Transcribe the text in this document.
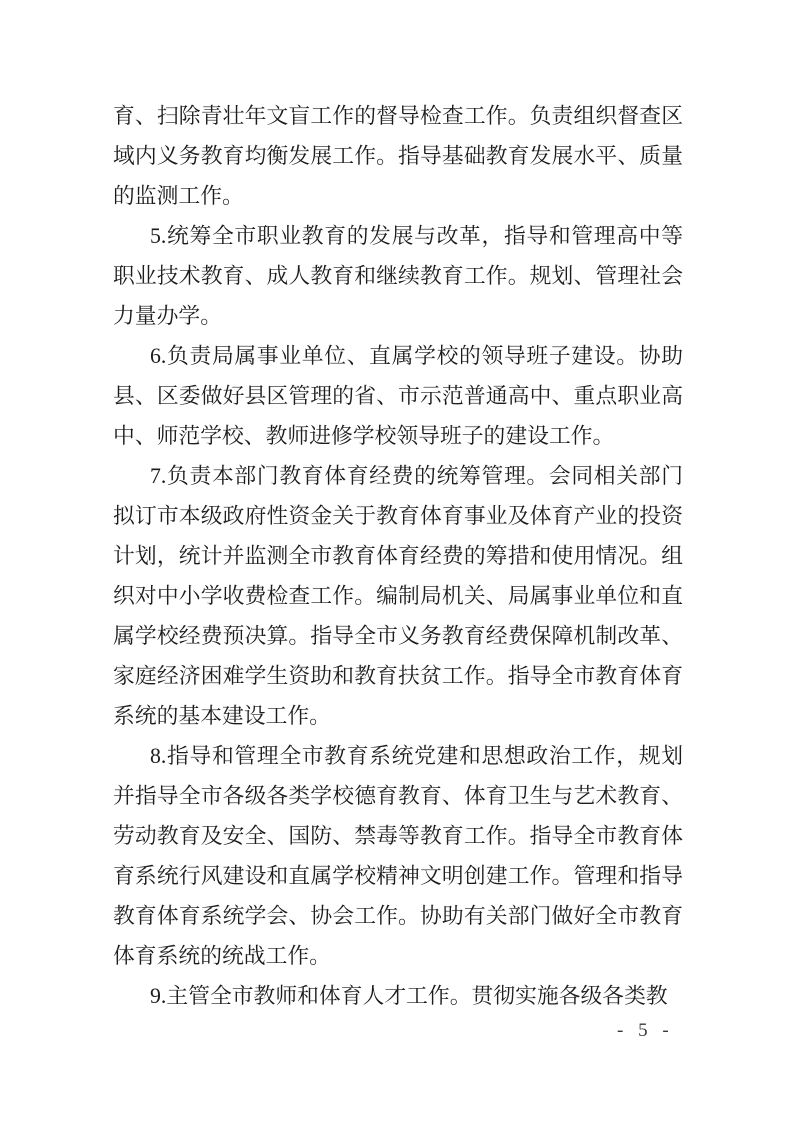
育、扫除青壮年文盲工作的督导检查工作。负责组织督查区域内义务教育均衡发展工作。指导基础教育发展水平、质量的监测工作。

5.统筹全市职业教育的发展与改革，指导和管理高中等职业技术教育、成人教育和继续教育工作。规划、管理社会力量办学。

6.负责局属事业单位、直属学校的领导班子建设。协助县、区委做好县区管理的省、市示范普通高中、重点职业高中、师范学校、教师进修学校领导班子的建设工作。

7.负责本部门教育体育经费的统筹管理。会同相关部门拟订市本级政府性资金关于教育体育事业及体育产业的投资计划，统计并监测全市教育体育经费的筹措和使用情况。组织对中小学收费检查工作。编制局机关、局属事业单位和直属学校经费预决算。指导全市义务教育经费保障机制改革、家庭经济困难学生资助和教育扶贫工作。指导全市教育体育系统的基本建设工作。

8.指导和管理全市教育系统党建和思想政治工作，规划并指导全市各级各类学校德育教育、体育卫生与艺术教育、劳动教育及安全、国防、禁毒等教育工作。指导全市教育体育系统行风建设和直属学校精神文明创建工作。管理和指导教育体育系统学会、协会工作。协助有关部门做好全市教育体育系统的统战工作。

9.主管全市教师和体育人才工作。贯彻实施各级各类教

- 5 -
